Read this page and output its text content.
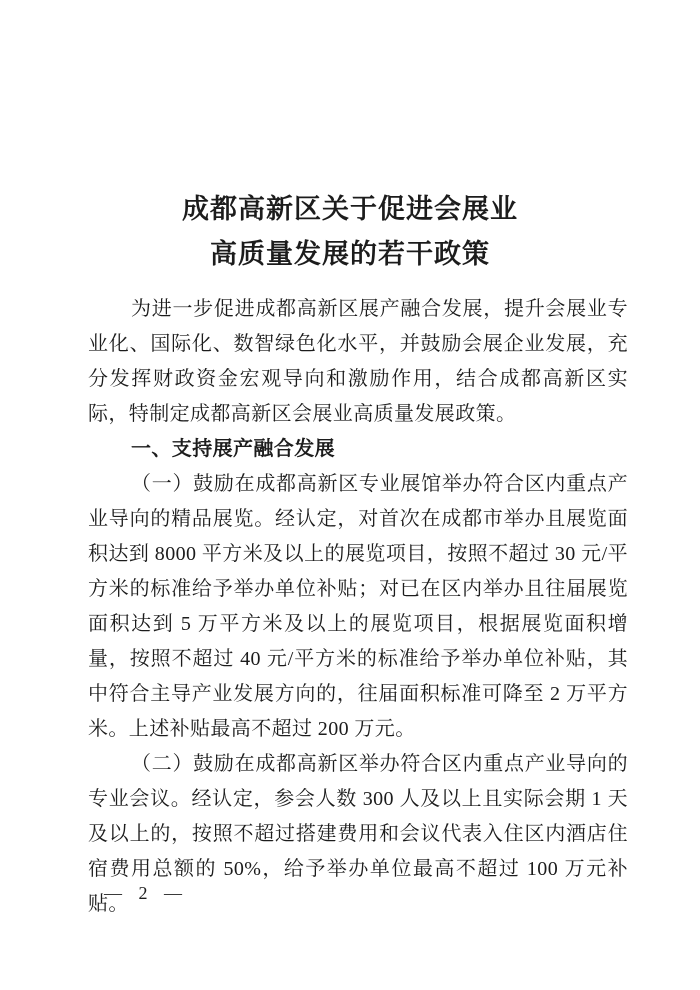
成都高新区关于促进会展业
高质量发展的若干政策

为进一步促进成都高新区展产融合发展，提升会展业专业化、国际化、数智绿色化水平，并鼓励会展企业发展，充分发挥财政资金宏观导向和激励作用，结合成都高新区实际，特制定成都高新区会展业高质量发展政策。

一、支持展产融合发展

（一）鼓励在成都高新区专业展馆举办符合区内重点产业导向的精品展览。经认定，对首次在成都市举办且展览面积达到 8000 平方米及以上的展览项目，按照不超过 30 元/平方米的标准给予举办单位补贴；对已在区内举办且往届展览面积达到 5 万平方米及以上的展览项目，根据展览面积增量，按照不超过 40 元/平方米的标准给予举办单位补贴，其中符合主导产业发展方向的，往届面积标准可降至 2 万平方米。上述补贴最高不超过 200 万元。

（二）鼓励在成都高新区举办符合区内重点产业导向的专业会议。经认定，参会人数 300 人及以上且实际会期 1 天及以上的，按照不超过搭建费用和会议代表入住区内酒店住宿费用总额的 50%，给予举办单位最高不超过 100 万元补贴。

— 2 —
